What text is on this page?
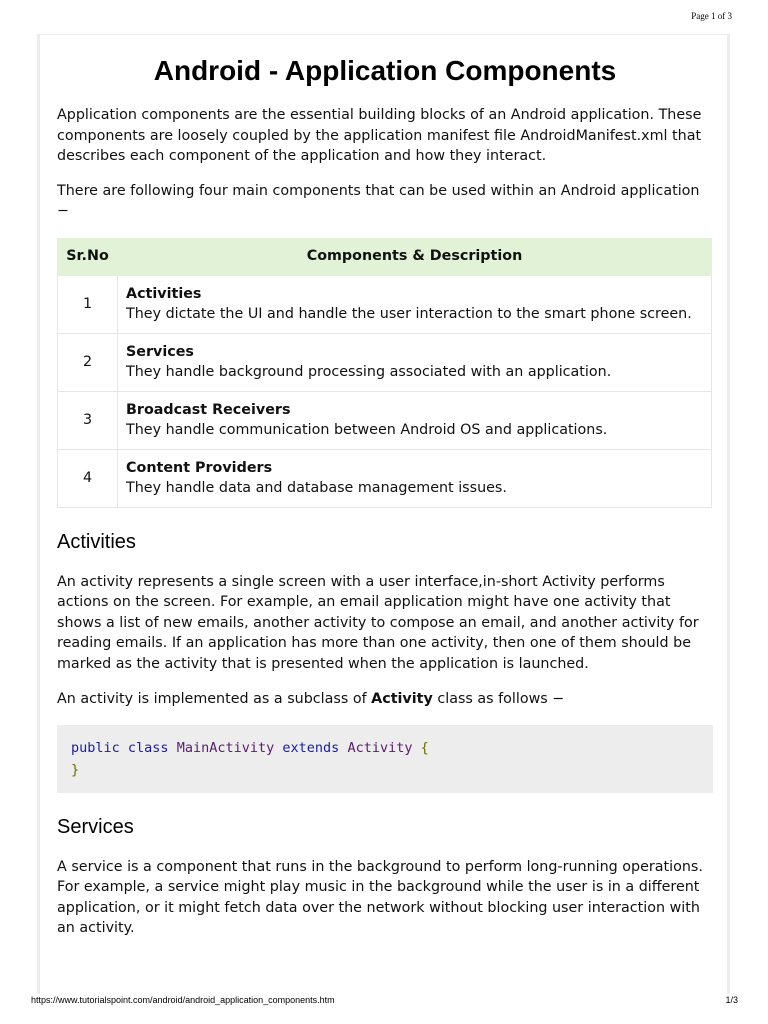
Page 1 of 3
Android - Application Components

Application components are the essential building blocks of an Android application. These components are loosely coupled by the application manifest file AndroidManifest.xml that describes each component of the application and how they interact.

There are following four main components that can be used within an Android application −

Sr.No	Components & Description
1	Activities
They dictate the UI and handle the user interaction to the smart phone screen.
2	Services
They handle background processing associated with an application.
3	Broadcast Receivers
They handle communication between Android OS and applications.
4	Content Providers
They handle data and database management issues.
Activities

An activity represents a single screen with a user interface,in-short Activity performs actions on the screen. For example, an email application might have one activity that shows a list of new emails, another activity to compose an email, and another activity for reading emails. If an application has more than one activity, then one of them should be marked as the activity that is presented when the application is launched.

An activity is implemented as a subclass of Activity class as follows −

public class MainActivity extends Activity {
}
Services

A service is a component that runs in the background to perform long-running operations. For example, a service might play music in the background while the user is in a different application, or it might fetch data over the network without blocking user interaction with an activity.

https://www.tutorialspoint.com/android/android_application_components.htm	1/3
